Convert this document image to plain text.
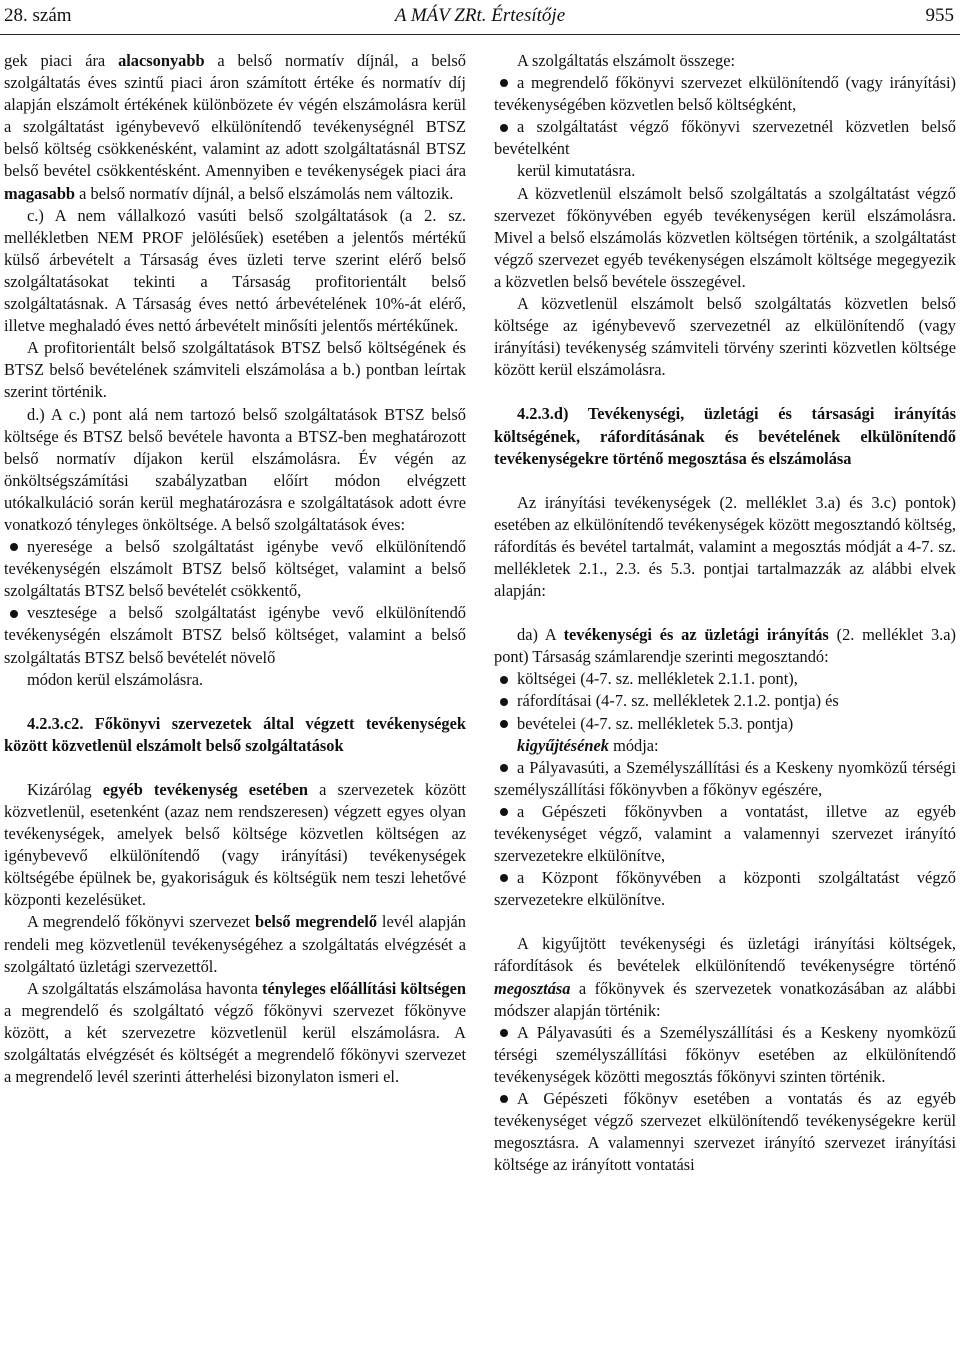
28. szám	A MÁV ZRt. Értesítője	955

gek piaci ára alacsonyabb a belső normatív díjnál, a belső szolgáltatás éves szintű piaci áron számított értéke és normatív díj alapján elszámolt értékének különbözete év végén elszámolásra kerül a szolgáltatást igénybevevő elkülönítendő tevékenységnél BTSZ belső költség csökkenésként, valamint az adott szolgáltatásnál BTSZ belső bevétel csökkentésként. Amennyiben e tevékenységek piaci ára magasabb a belső normatív díjnál, a belső elszámolás nem változik.

c.) A nem vállalkozó vasúti belső szolgáltatások (a 2. sz. mellékletben NEM PROF jelölésűek) esetében a jelentős mértékű külső árbevételt a Társaság éves üzleti terve szerint elérő belső szolgáltatásokat tekinti a Társaság profitorientált belső szolgáltatásnak. A Társaság éves nettó árbevételének 10%-át elérő, illetve meghaladó éves nettó árbevételt minősíti jelentős mértékűnek.

A profitorientált belső szolgáltatások BTSZ belső költségének és BTSZ belső bevételének számviteli elszámolása a b.) pontban leírtak szerint történik.

d.) A c.) pont alá nem tartozó belső szolgáltatások BTSZ belső költsége és BTSZ belső bevétele havonta a BTSZ-ben meghatározott belső normatív díjakon kerül elszámolásra. Év végén az önköltségszámítási szabályzatban előírt módon elvégzett utókalkuláció során kerül meghatározásra e szolgáltatások adott évre vonatkozó tényleges önköltsége. A belső szolgáltatások éves:

nyeresége a belső szolgáltatást igénybe vevő elkülönítendő tevékenységén elszámolt BTSZ belső költséget, valamint a belső szolgáltatás BTSZ belső bevételét csökkentő,

vesztesége a belső szolgáltatást igénybe vevő elkülönítendő tevékenységén elszámolt BTSZ belső költséget, valamint a belső szolgáltatás BTSZ belső bevételét növelő

módon kerül elszámolásra.

4.2.3.c2. Főkönyvi szervezetek által végzett tevékenységek között közvetlenül elszámolt belső szolgáltatások

Kizárólag egyéb tevékenység esetében a szervezetek között közvetlenül, esetenként (azaz nem rendszeresen) végzett egyes olyan tevékenységek, amelyek belső költsége közvetlen költségen az igénybevevő elkülönítendő (vagy irányítási) tevékenységek költségébe épülnek be, gyakoriságuk és költségük nem teszi lehetővé központi kezelésüket.

A megrendelő főkönyvi szervezet belső megrendelő levél alapján rendeli meg közvetlenül tevékenységéhez a szolgáltatás elvégzését a szolgáltató üzletági szervezettől.

A szolgáltatás elszámolása havonta tényleges előállítási költségen a megrendelő és szolgáltató végző főkönyvi szervezet főkönyve között, a két szervezetre közvetlenül kerül elszámolásra. A szolgáltatás elvégzését és költségét a megrendelő főkönyvi szervezet a megrendelő levél szerinti átterhelési bizonylaton ismeri el.

A szolgáltatás elszámolt összege:

a megrendelő főkönyvi szervezet elkülönítendő (vagy irányítási) tevékenységében közvetlen belső költségként,

a szolgáltatást végző főkönyvi szervezetnél közvetlen belső bevételként

kerül kimutatásra.

A közvetlenül elszámolt belső szolgáltatás a szolgáltatást végző szervezet főkönyvében egyéb tevékenységen kerül elszámolásra. Mivel a belső elszámolás közvetlen költségen történik, a szolgáltatást végző szervezet egyéb tevékenységen elszámolt költsége megegyezik a közvetlen belső bevétele összegével.

A közvetlenül elszámolt belső szolgáltatás közvetlen belső költsége az igénybevevő szervezetnél az elkülönítendő (vagy irányítási) tevékenység számviteli törvény szerinti közvetlen költsége között kerül elszámolásra.

4.2.3.d) Tevékenységi, üzletági és társasági irányítás költségének, ráfordításának és bevételének elkülönítendő tevékenységekre történő megosztása és elszámolása

Az irányítási tevékenységek (2. melléklet 3.a) és 3.c) pontok) esetében az elkülönítendő tevékenységek között megosztandó költség, ráfordítás és bevétel tartalmát, valamint a megosztás módját a 4-7. sz. mellékletek 2.1., 2.3. és 5.3. pontjai tartalmazzák az alábbi elvek alapján:

da) A tevékenységi és az üzletági irányítás (2. melléklet 3.a) pont) Társaság számlarendje szerinti megosztandó:

költségei (4-7. sz. mellékletek 2.1.1. pont),

ráfordításai (4-7. sz. mellékletek 2.1.2. pontja) és

bevételei (4-7. sz. mellékletek 5.3. pontja)

kigyűjtésének módja:

a Pályavasúti, a Személyszállítási és a Keskeny nyomközű térségi személyszállítási főkönyvben a főkönyv egészére,

a Gépészeti főkönyvben a vontatást, illetve az egyéb tevékenységet végző, valamint a valamennyi szervezet irányító szervezetekre elkülönítve,

a Központ főkönyvében a központi szolgáltatást végző szervezetekre elkülönítve.

A kigyűjtött tevékenységi és üzletági irányítási költségek, ráfordítások és bevételek elkülönítendő tevékenységre történő megosztása a főkönyvek és szervezetek vonatkozásában az alábbi módszer alapján történik:

A Pályavasúti és a Személyszállítási és a Keskeny nyomközű térségi személyszállítási főkönyv esetében az elkülönítendő tevékenységek közötti megosztás főkönyvi szinten történik.

A Gépészeti főkönyv esetében a vontatás és az egyéb tevékenységet végző szervezet elkülönítendő tevékenységekre kerül megosztásra. A valamennyi szervezet irányító szervezet irányítási költsége az irányított vontatási
